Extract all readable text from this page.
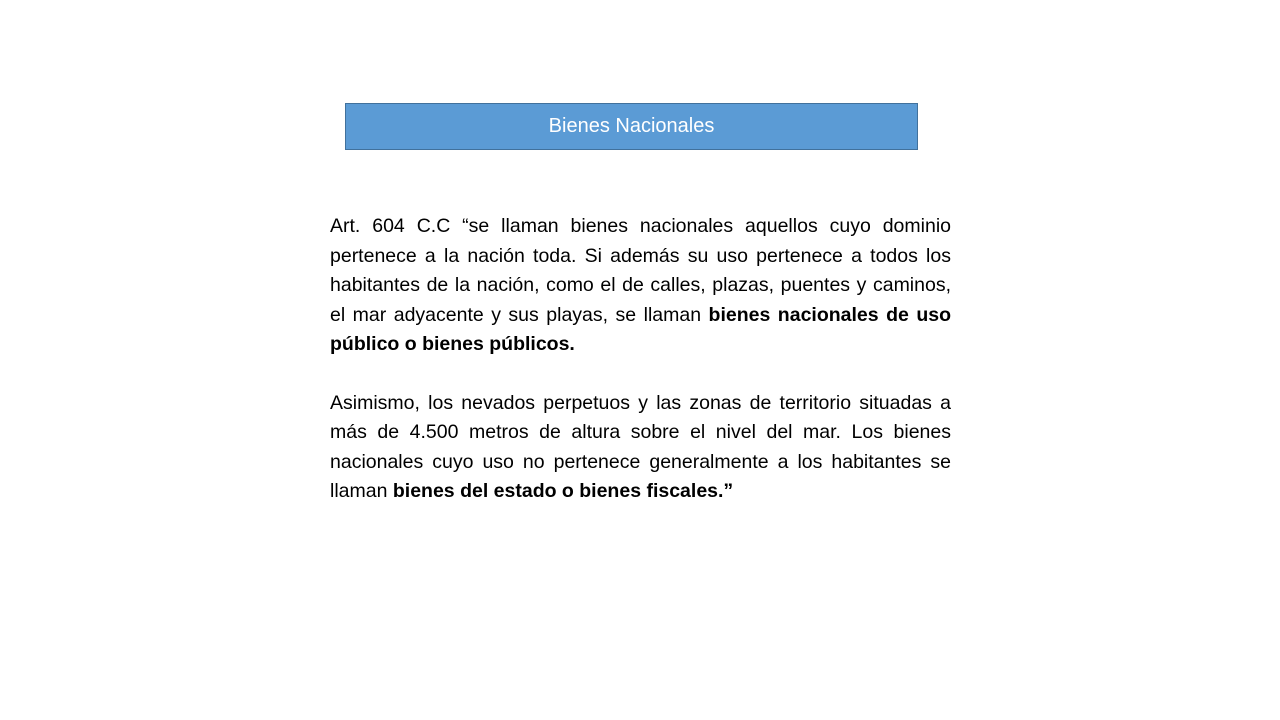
Bienes Nacionales

Art. 604 C.C “se llaman bienes nacionales aquellos cuyo dominio pertenece a la nación toda. Si además su uso pertenece a todos los habitantes de la nación, como el de calles, plazas, puentes y caminos, el mar adyacente y sus playas, se llaman bienes nacionales de uso público o bienes públicos.

Asimismo, los nevados perpetuos y las zonas de territorio situadas a más de 4.500 metros de altura sobre el nivel del mar. Los bienes nacionales cuyo uso no pertenece generalmente a los habitantes se llaman bienes del estado o bienes fiscales.”
